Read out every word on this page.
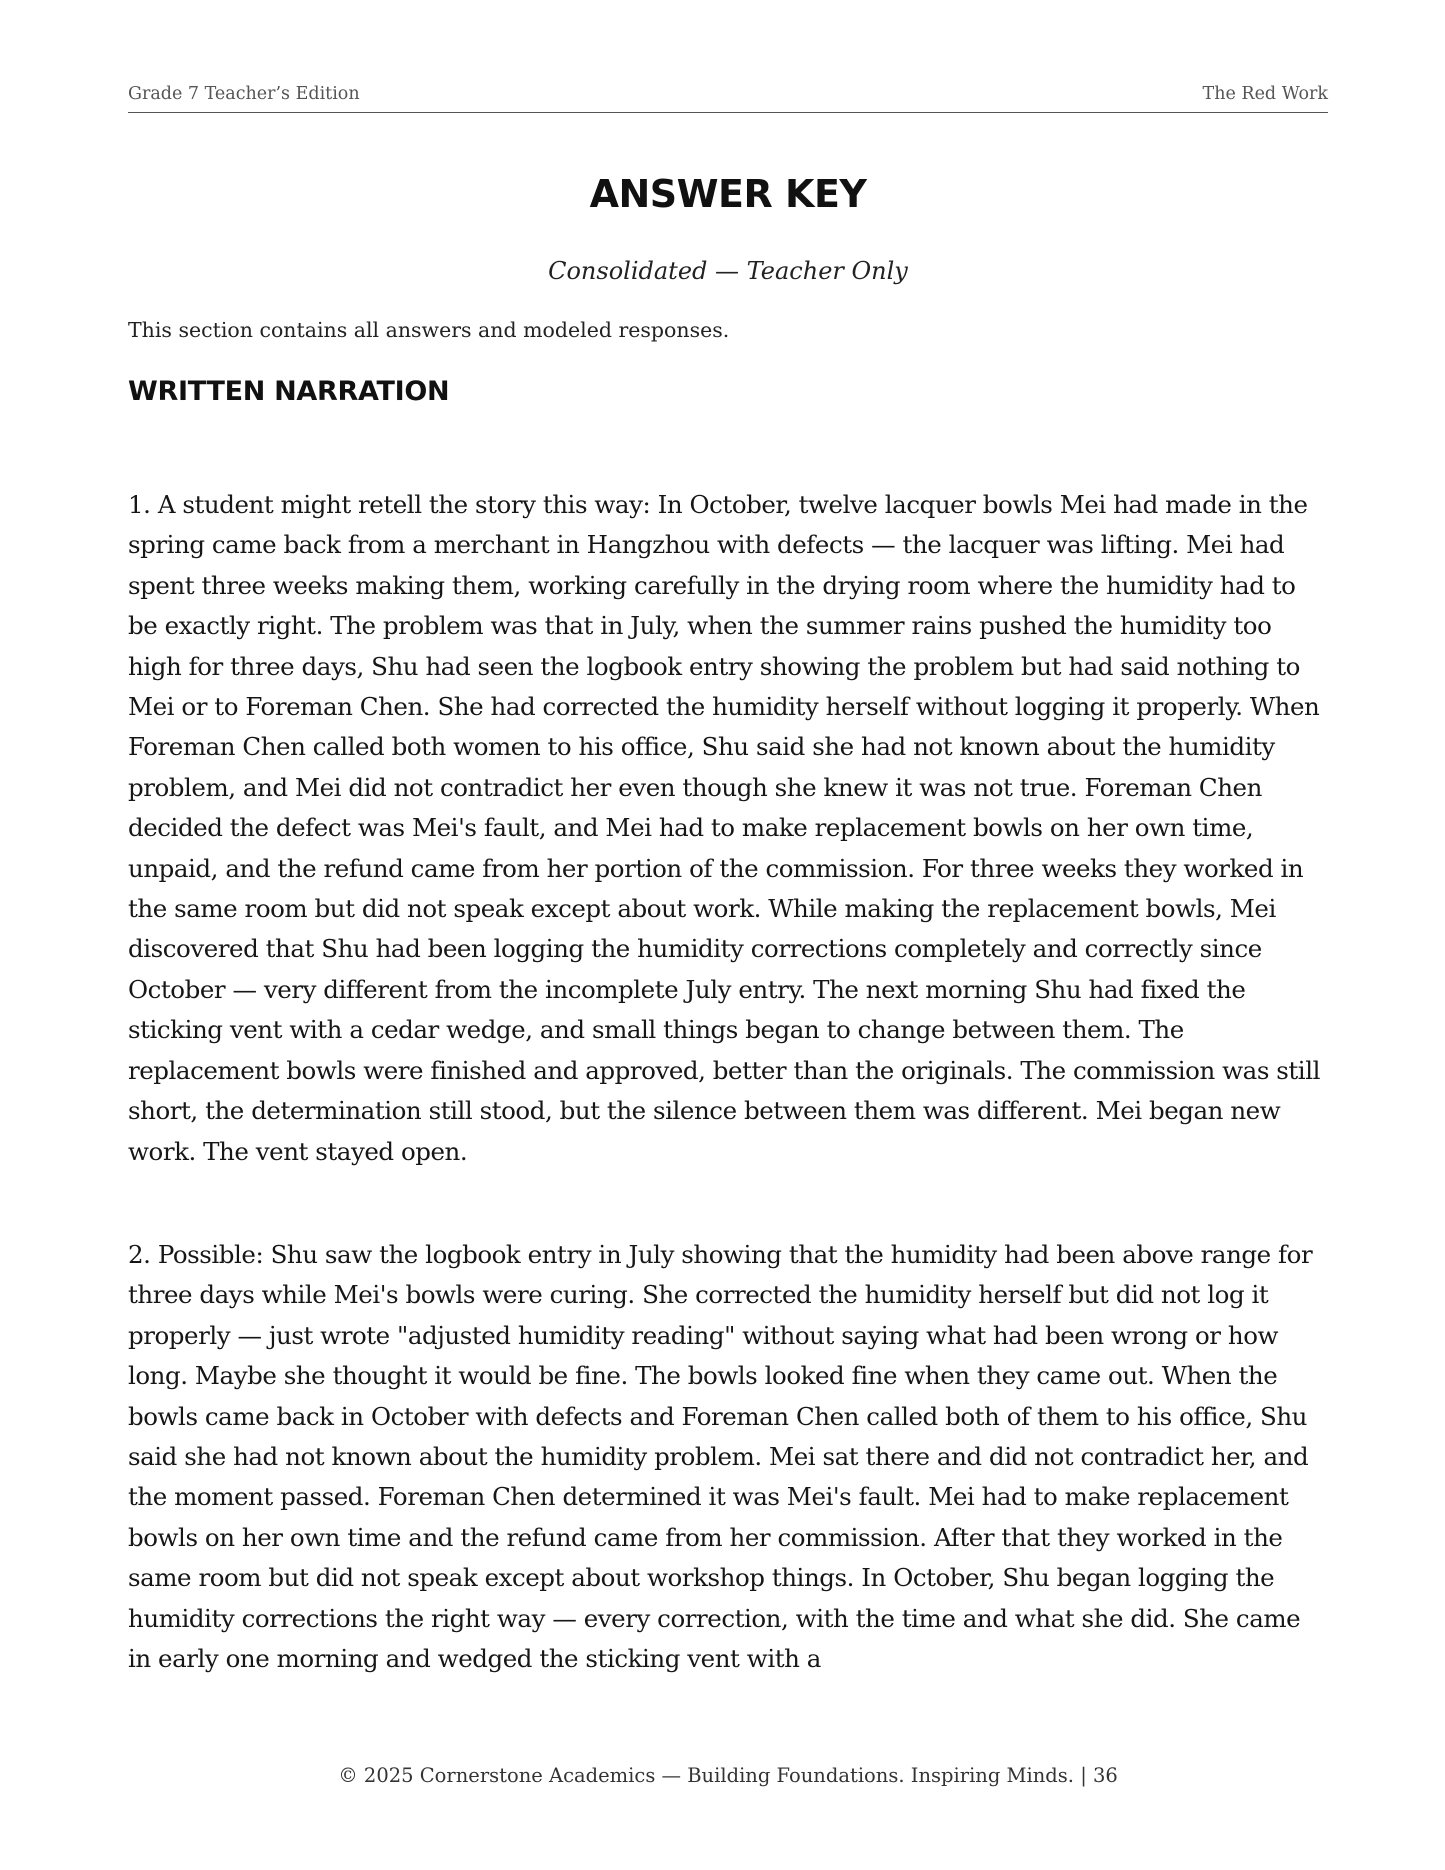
Grade 7 Teacher’s Edition	The Red Work
ANSWER KEY
Consolidated — Teacher Only
This section contains all answers and modeled responses.
WRITTEN NARRATION

1. A student might retell the story this way: In October, twelve lacquer bowls Mei had made in the spring came back from a merchant in Hangzhou with defects — the lacquer was lifting. Mei had spent three weeks making them, working carefully in the drying room where the humidity had to be exactly right. The problem was that in July, when the summer rains pushed the humidity too high for three days, Shu had seen the logbook entry showing the problem but had said nothing to Mei or to Foreman Chen. She had corrected the humidity herself without logging it properly. When Foreman Chen called both women to his office, Shu said she had not known about the humidity problem, and Mei did not contradict her even though she knew it was not true. Foreman Chen decided the defect was Mei's fault, and Mei had to make replacement bowls on her own time, unpaid, and the refund came from her portion of the commission. For three weeks they worked in the same room but did not speak except about work. While making the replacement bowls, Mei discovered that Shu had been logging the humidity corrections completely and correctly since October — very different from the incomplete July entry. The next morning Shu had fixed the sticking vent with a cedar wedge, and small things began to change between them. The replacement bowls were finished and approved, better than the originals. The commission was still short, the determination still stood, but the silence between them was different. Mei began new work. The vent stayed open.

2. Possible: Shu saw the logbook entry in July showing that the humidity had been above range for three days while Mei's bowls were curing. She corrected the humidity herself but did not log it properly — just wrote "adjusted humidity reading" without saying what had been wrong or how long. Maybe she thought it would be fine. The bowls looked fine when they came out. When the bowls came back in October with defects and Foreman Chen called both of them to his office, Shu said she had not known about the humidity problem. Mei sat there and did not contradict her, and the moment passed. Foreman Chen determined it was Mei's fault. Mei had to make replacement bowls on her own time and the refund came from her commission. After that they worked in the same room but did not speak except about workshop things. In October, Shu began logging the humidity corrections the right way — every correction, with the time and what she did. She came in early one morning and wedged the sticking vent with a

© 2025 Cornerstone Academics — Building Foundations. Inspiring Minds. | 36
